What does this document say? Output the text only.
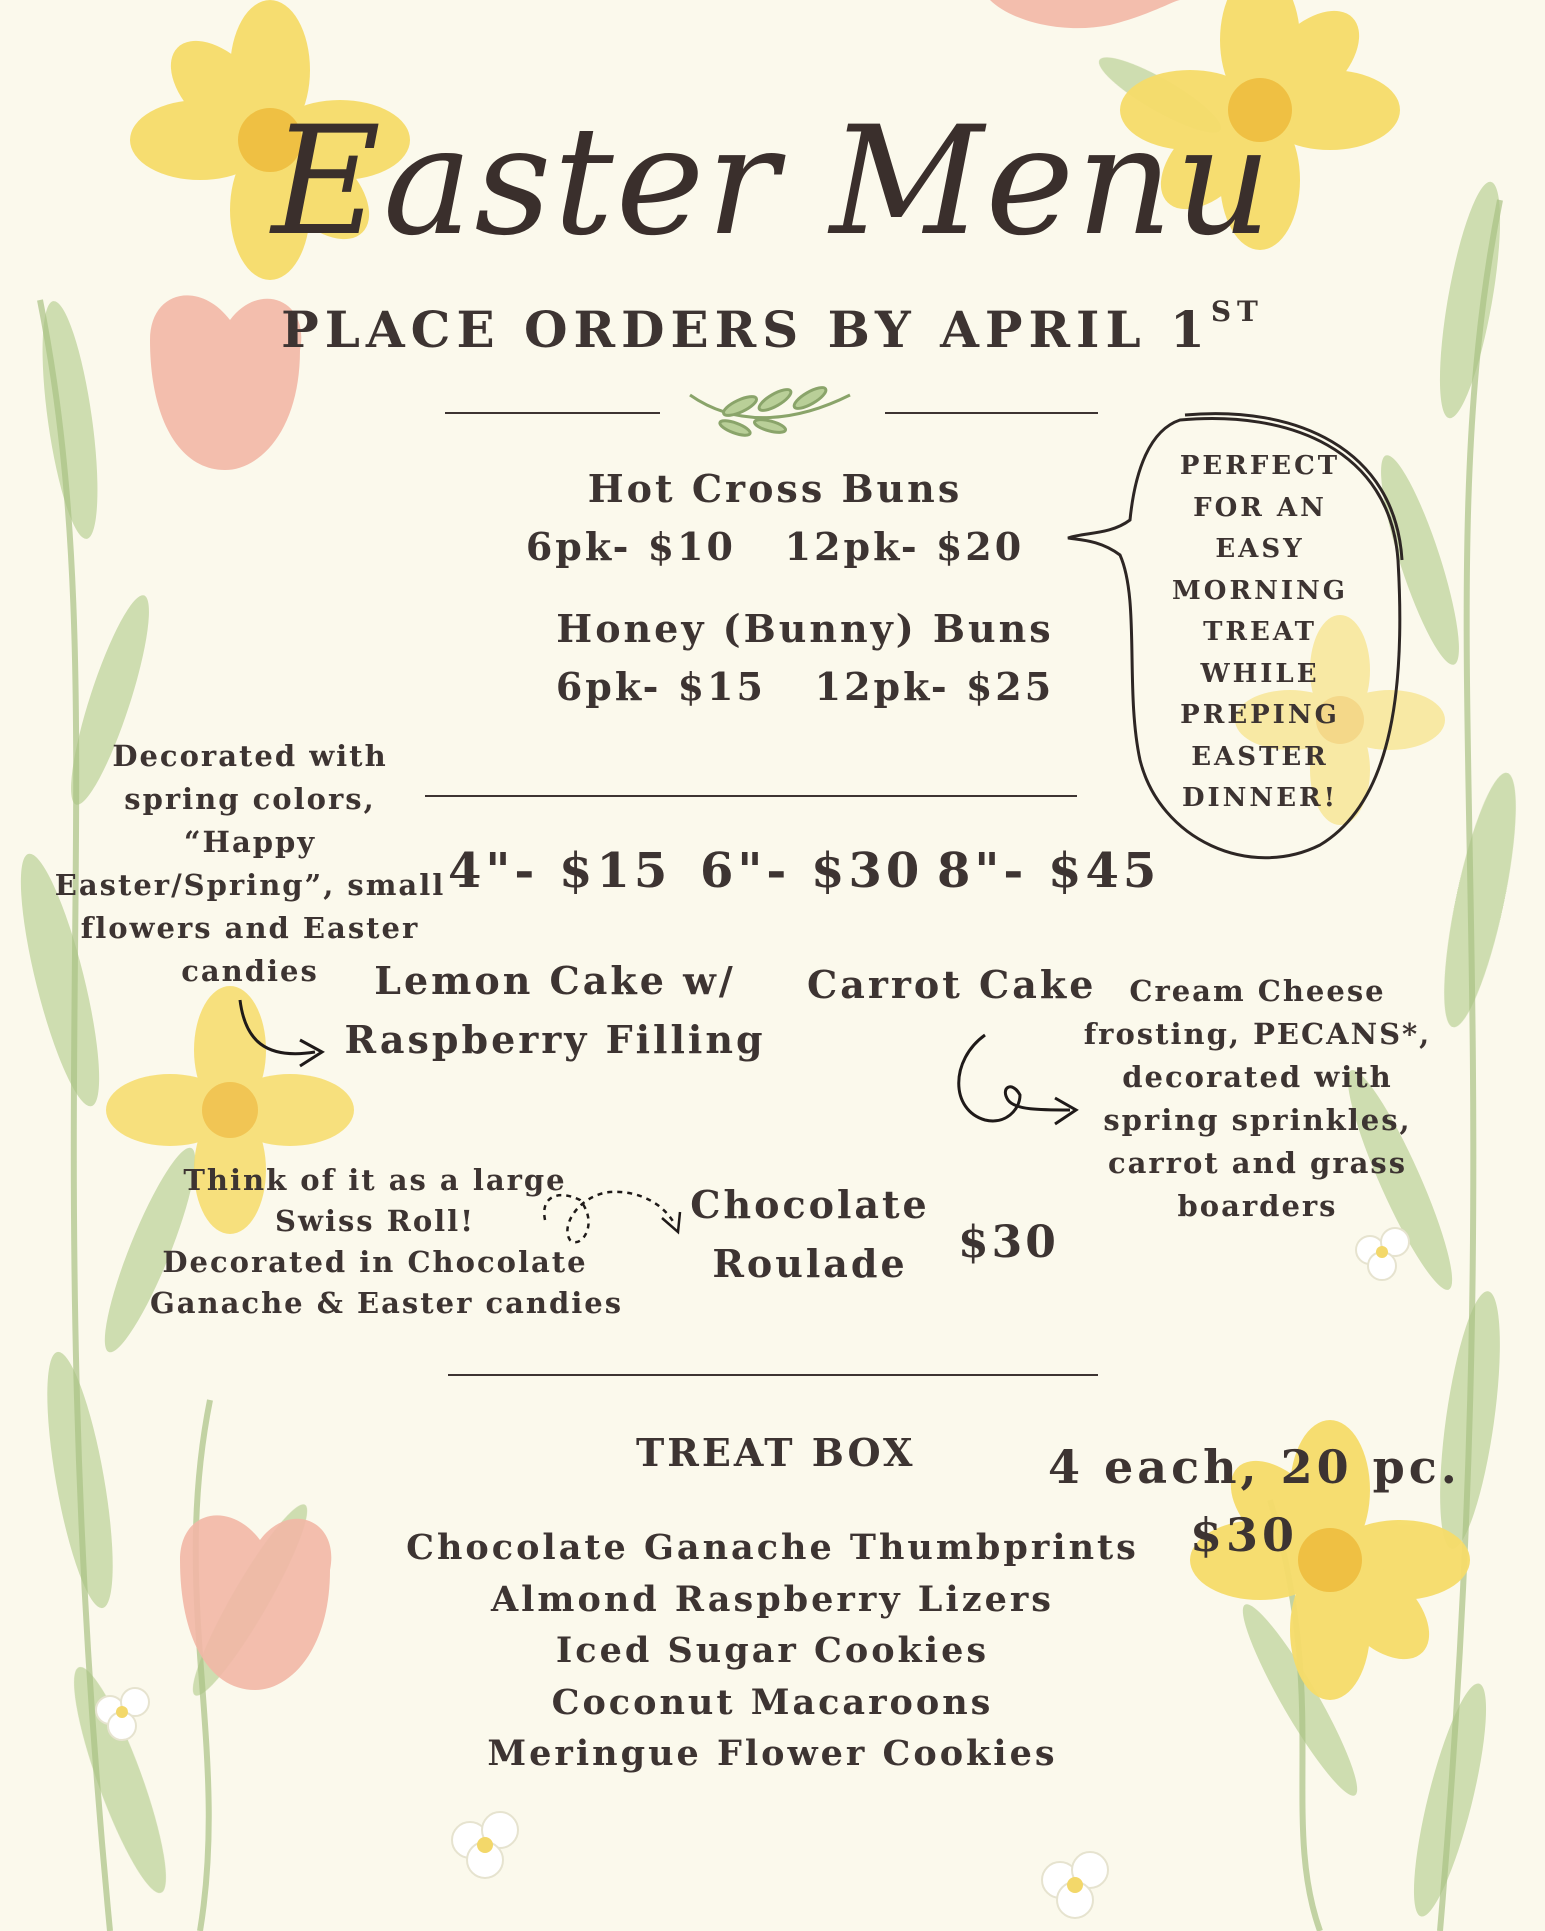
Easter Menu
PLACE ORDERS BY APRIL 1ST
Hot Cross Buns
6pk- $10   12pk- $20
Honey (Bunny) Buns
6pk- $15   12pk- $25
PERFECT
FOR AN
EASY
MORNING
TREAT
WHILE
PREPING
EASTER
DINNER!
Decorated with
spring colors,
“Happy
Easter/Spring”, small
flowers and Easter
candies
4"- $15 6"- $30 8"- $45
Lemon Cake w/
Raspberry Filling
Carrot Cake	Cream Cheese
frosting, PECANS*,
decorated with
spring sprinkles,
carrot and grass
boarders
Think of it as a large
Swiss Roll!
Decorated in Chocolate
Ganache & Easter candies
Chocolate
Roulade	$30
TREAT BOX	4 each, 20 pc.
$30
Chocolate Ganache Thumbprints
Almond Raspberry Lizers
Iced Sugar Cookies
Coconut Macaroons
Meringue Flower Cookies
